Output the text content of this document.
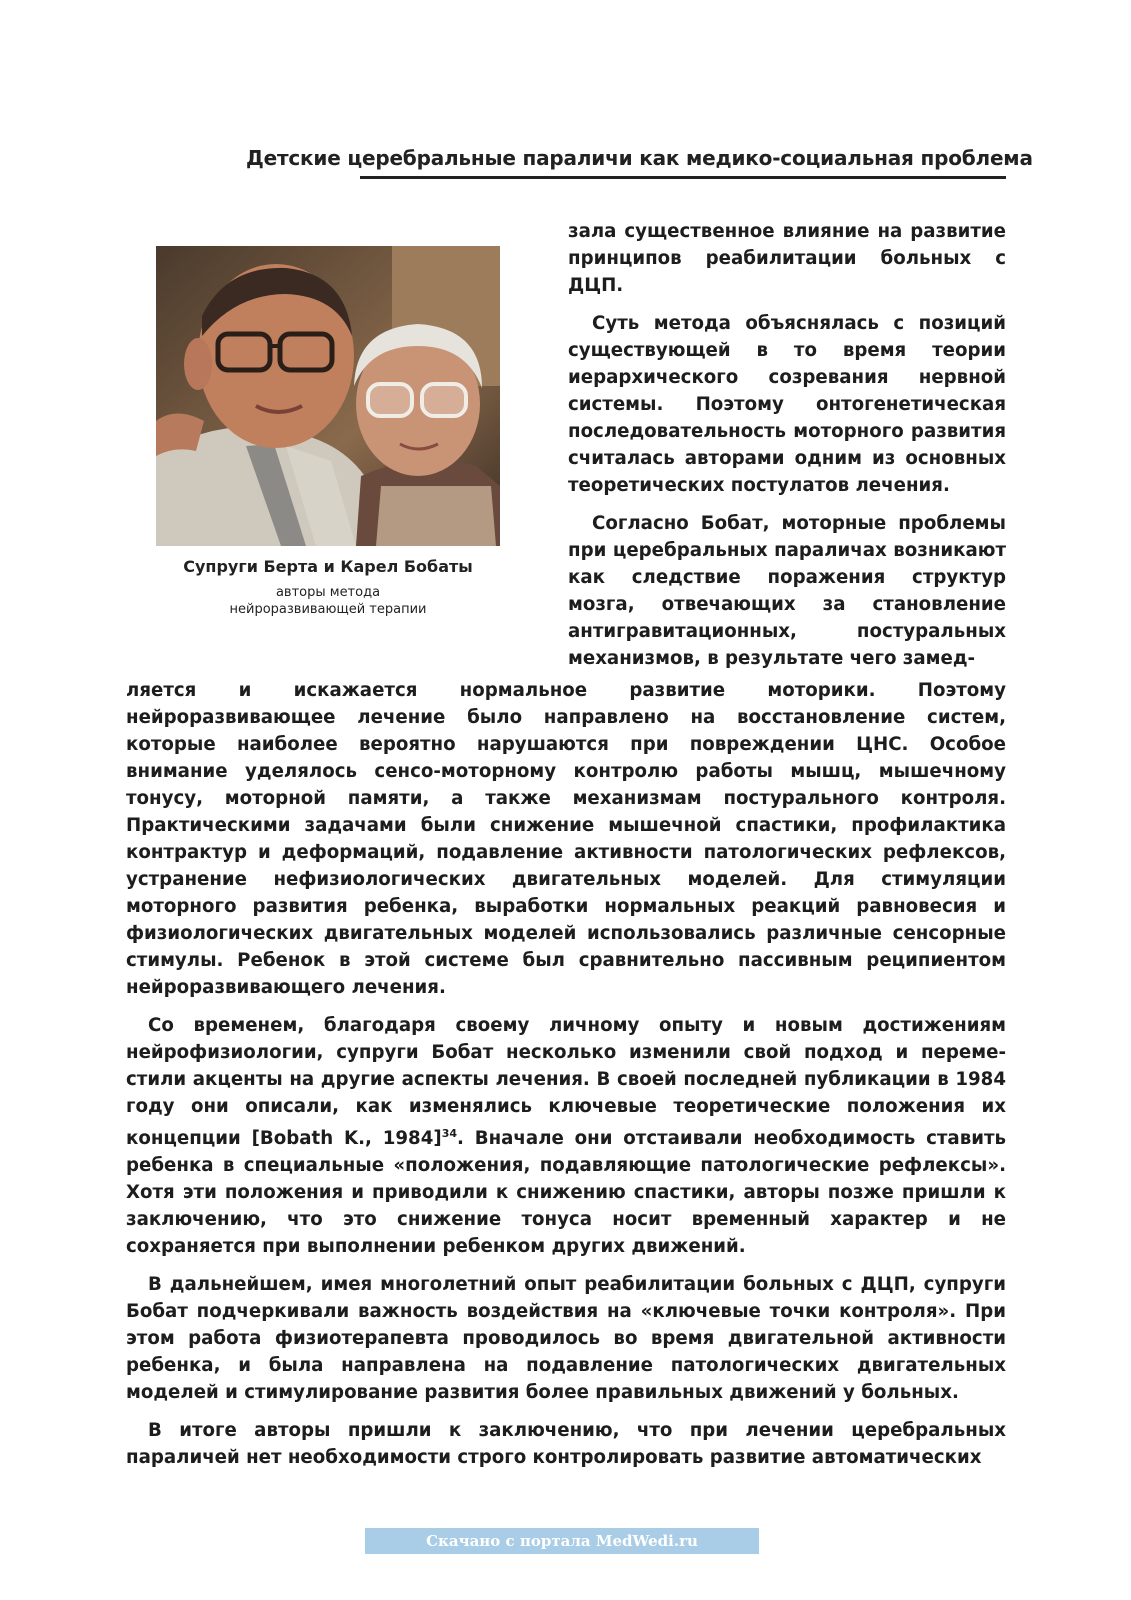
Детские церебральные параличи как медико-социальная проблема
Супруги Берта и Карел Бобаты
авторы метода
нейроразвивающей терапии

зала существенное влияние на развитие принципов реабилитации больных с ДЦП.

Суть метода объяснялась с позиций существующей в то время теории иерархического созревания нервной системы. Поэтому онтогенетическая последовательность моторного развития считалась авторами одним из основных теоретических постулатов лечения.

Согласно Бобат, моторные проблемы при церебральных параличах возникают как следствие поражения структур мозга, отвечающих за становление антигравитационных, постуральных механизмов, в результате чего замед-

ляется и искажается нормальное развитие моторики. Поэтому нейроразвивающее лечение было направлено на восстановление систем, которые наиболее вероятно нарушаются при повреждении ЦНС. Особое внимание уделялось сенсо-моторному контролю работы мышц, мышечному тонусу, моторной памяти, а также механизмам постурального контроля. Практическими задачами были снижение мышечной спастики, профилактика контрактур и деформаций, подавление активности патологических рефлексов, устранение нефизиологических двигательных моделей. Для стимуляции моторного развития ребенка, выработки нормальных реакций равновесия и физиологических двигательных моделей использовались различные сенсорные стимулы. Ребенок в этой системе был сравнительно пассивным реципиентом нейроразвивающего лечения.

Со временем, благодаря своему личному опыту и новым достижениям нейрофизиологии, супруги Бобат несколько изменили свой подход и переме-стили акценты на другие аспекты лечения. В своей последней публикации в 1984 году они описали, как изменялись ключевые теоретические положения их концепции [Bobath K., 1984]$^{34}$. Вначале они отстаивали необходимость ставить ребенка в специальные «положения, подавляющие патологические рефлексы». Хотя эти положения и приводили к снижению спастики, авторы позже пришли к заключению, что это снижение тонуса носит временный характер и не сохраняется при выполнении ребенком других движений.

В дальнейшем, имея многолетний опыт реабилитации больных с ДЦП, супруги Бобат подчеркивали важность воздействия на «ключевые точки контроля». При этом работа физиотерапевта проводилось во время двигательной активности ребенка, и была направлена на подавление патологических двигательных моделей и стимулирование развития более правильных движений у больных.

В итоге авторы пришли к заключению, что при лечении церебральных параличей нет необходимости строго контролировать развитие автоматических

Скачано с портала MedWedi.ru
